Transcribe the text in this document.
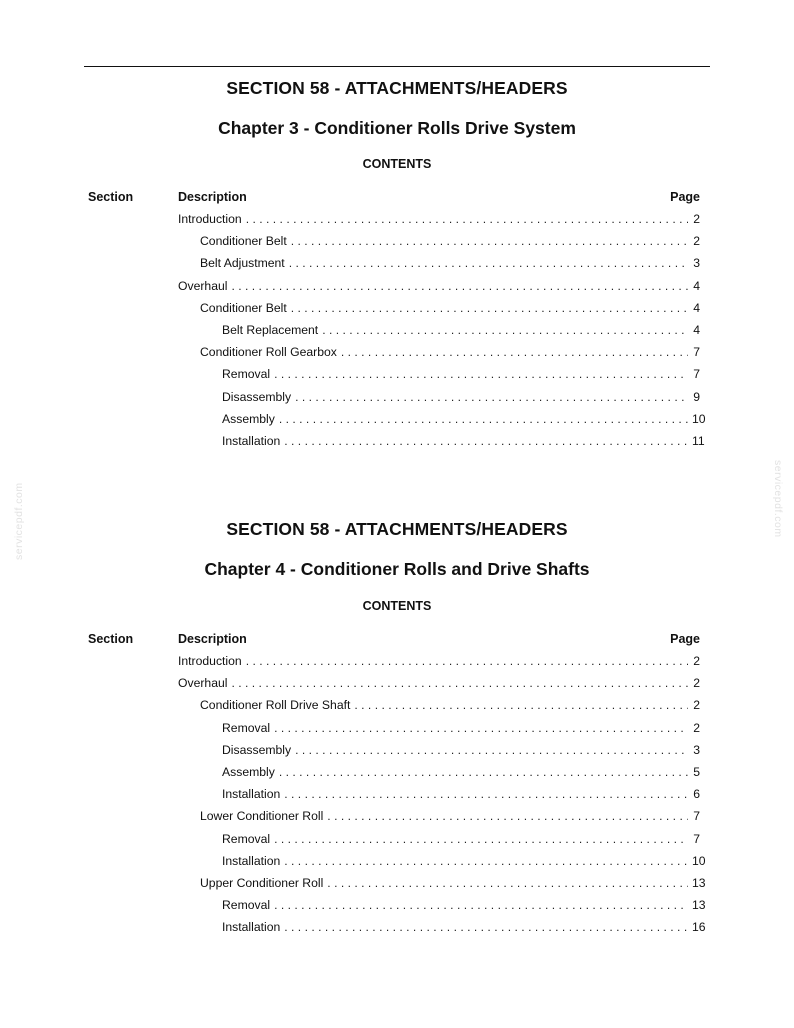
servicepdf.com	servicepdf.com
SECTION 58 - ATTACHMENTS/HEADERS
Chapter 3 - Conditioner Rolls Drive System
CONTENTS
Section	Description	Page
Introduction . . .	2
Conditioner Belt . . .	2
Belt Adjustment . . .	3
Overhaul . . .	4
Conditioner Belt . . .	4
Belt Replacement . . .	4
Conditioner Roll Gearbox . . .	7
Removal . . .	7
Disassembly . . .	9
Assembly . . .	10
Installation . . .	11
SECTION 58 - ATTACHMENTS/HEADERS
Chapter 4 - Conditioner Rolls and Drive Shafts
CONTENTS
Section	Description	Page
Introduction . . .	2
Overhaul . . .	2
Conditioner Roll Drive Shaft . . .	2
Removal . . .	2
Disassembly . . .	3
Assembly . . .	5
Installation . . .	6
Lower Conditioner Roll . . .	7
Removal . . .	7
Installation . . .	10
Upper Conditioner Roll . . .	13
Removal . . .	13
Installation . . .	16
